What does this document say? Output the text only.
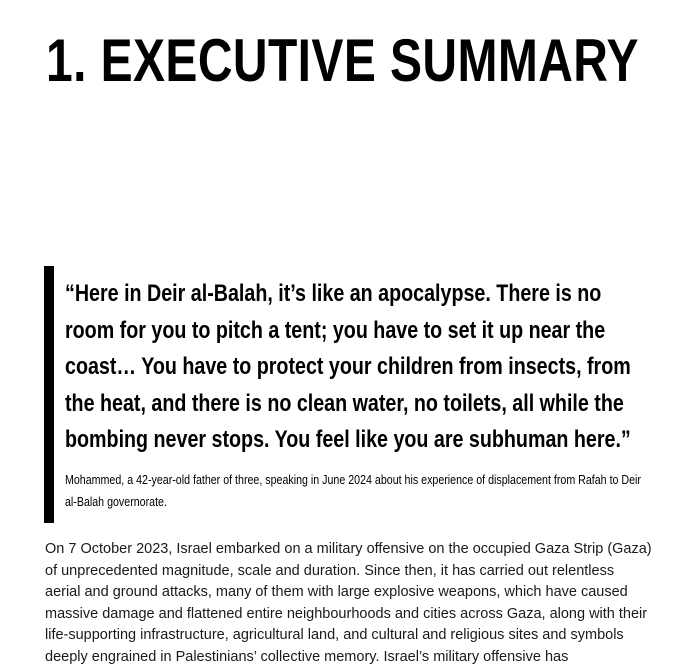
1. EXECUTIVE SUMMARY

“Here in Deir al-Balah, it’s like an apocalypse. There is no room for you to pitch a tent; you have to set it up near the coast… You have to protect your children from insects, from the heat, and there is no clean water, no toilets, all while the bombing never stops. You feel like you are subhuman here.”

Mohammed, a 42-year-old father of three, speaking in June 2024 about his experience of displacement from Rafah to Deir al-Balah governorate.

On 7 October 2023, Israel embarked on a military offensive on the occupied Gaza Strip (Gaza) of unprecedented magnitude, scale and duration. Since then, it has carried out relentless aerial and ground attacks, many of them with large explosive weapons, which have caused massive damage and flattened entire neighbourhoods and cities across Gaza, along with their life-supporting infrastructure, agricultural land, and cultural and religious sites and symbols deeply engrained in Palestinians’ collective memory. Israel’s military offensive has
